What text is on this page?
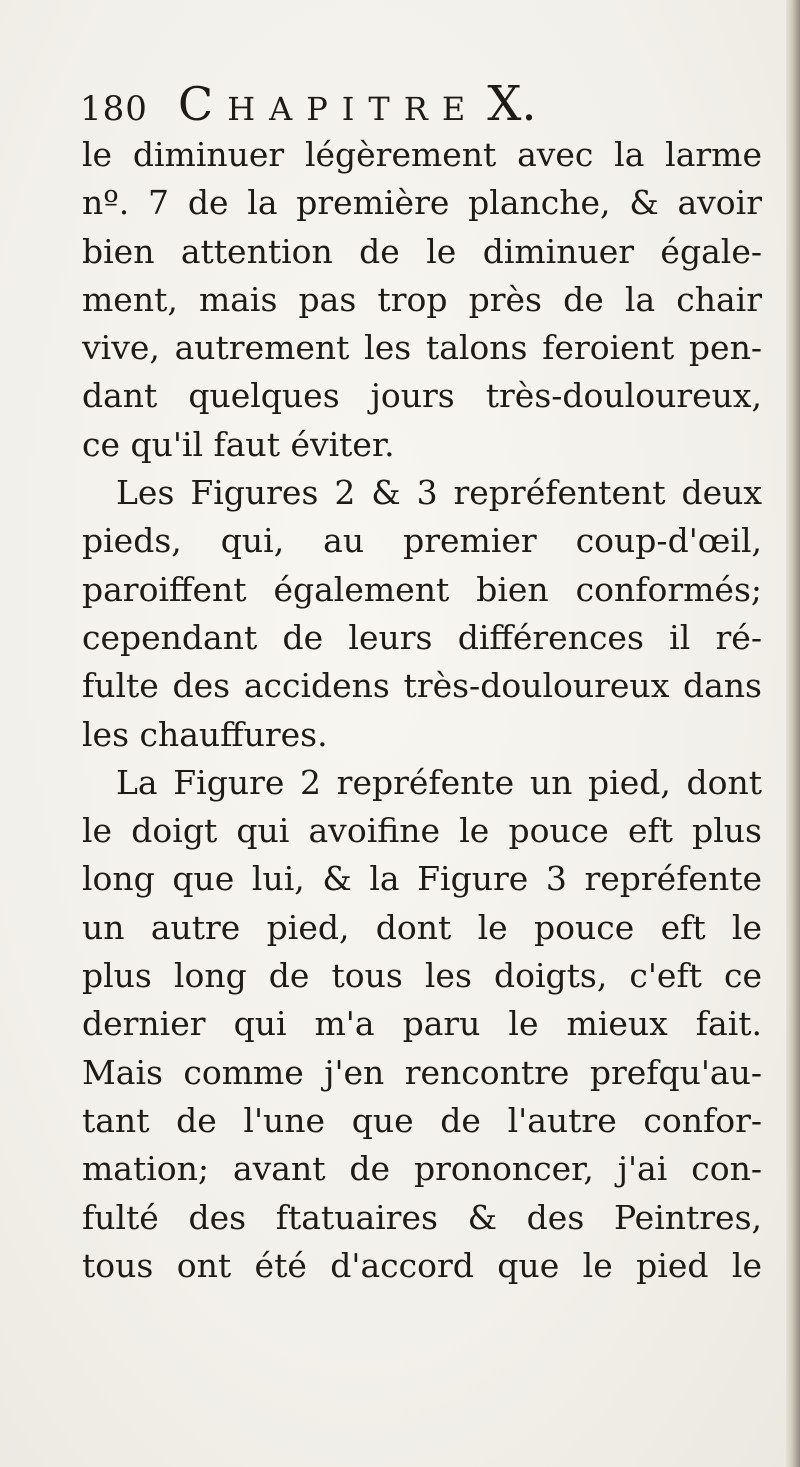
180 Chapitre X.
le diminuer légèrement avec la larme
nº. 7 de la première planche, & avoir
bien attention de le diminuer égale-
ment, mais pas trop près de la chair
vive, autrement les talons feroient pen-
dant quelques jours très-douloureux,
ce qu'il faut éviter.
Les Figures 2 & 3 repréfentent deux
pieds, qui, au premier coup-d'œil,
paroiffent également bien conformés;
cependant de leurs différences il ré-
fulte des accidens très-douloureux dans
les chauffures.
La Figure 2 repréfente un pied, dont
le doigt qui avoifine le pouce eft plus
long que lui, & la Figure 3 repréfente
un autre pied, dont le pouce eft le
plus long de tous les doigts, c'eft ce
dernier qui m'a paru le mieux fait.
Mais comme j'en rencontre prefqu'au-
tant de l'une que de l'autre confor-
mation; avant de prononcer, j'ai con-
fulté des ftatuaires & des Peintres,
tous ont été d'accord que le pied le
